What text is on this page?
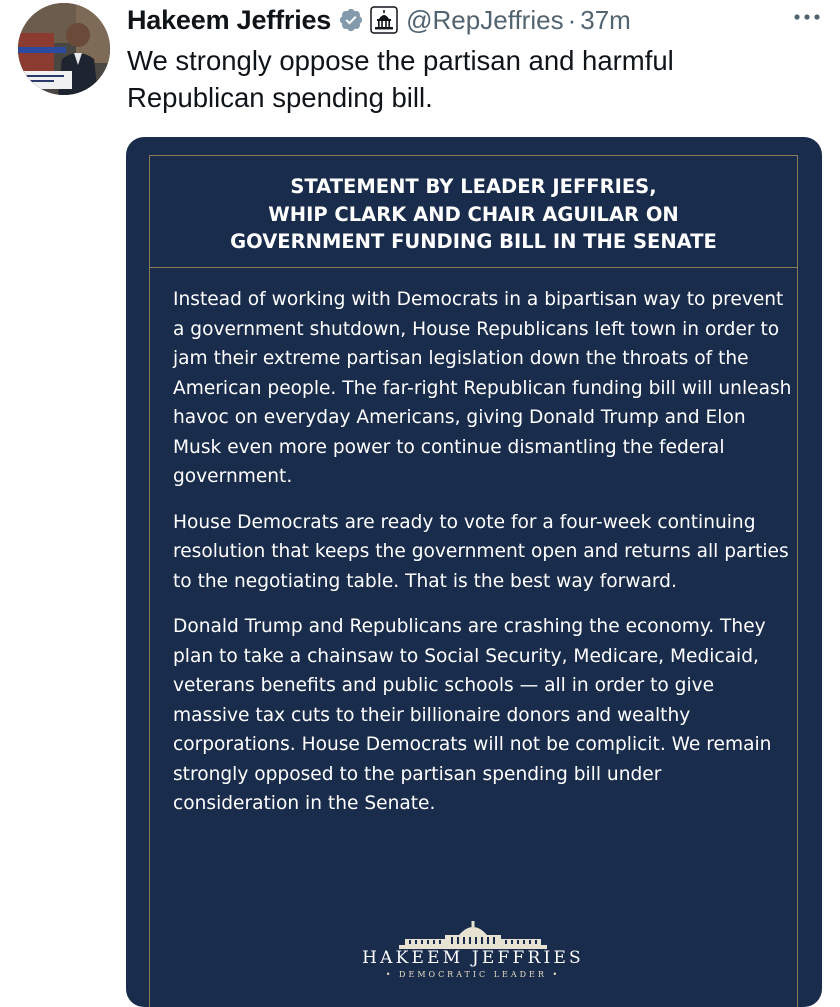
Hakeem Jeffries	@RepJeffries · 37m

We strongly oppose the partisan and harmful Republican spending bill.

STATEMENT BY LEADER JEFFRIES,
WHIP CLARK AND CHAIR AGUILAR ON
GOVERNMENT FUNDING BILL IN THE SENATE

Instead of working with Democrats in a bipartisan way to prevent a government shutdown, House Republicans left town in order to jam their extreme partisan legislation down the throats of the American people. The far-right Republican funding bill will unleash havoc on everyday Americans, giving Donald Trump and Elon Musk even more power to continue dismantling the federal government.

House Democrats are ready to vote for a four-week continuing resolution that keeps the government open and returns all parties to the negotiating table. That is the best way forward.

Donald Trump and Republicans are crashing the economy. They plan to take a chainsaw to Social Security, Medicare, Medicaid, veterans benefits and public schools — all in order to give massive tax cuts to their billionaire donors and wealthy corporations. House Democrats will not be complicit. We remain strongly opposed to the partisan spending bill under consideration in the Senate.

HAKEEM JEFFRIES
• DEMOCRATIC LEADER •
